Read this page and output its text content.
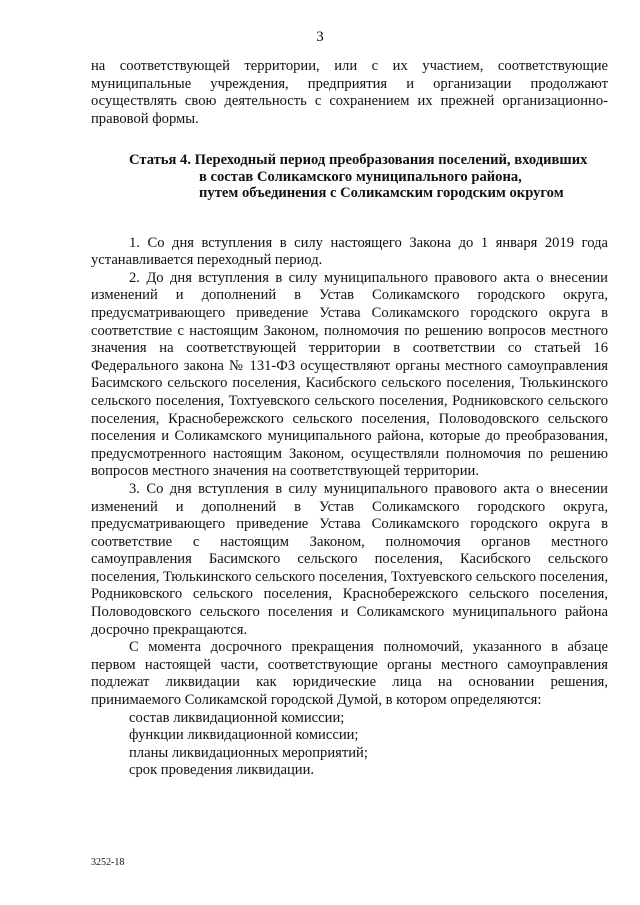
3

на соответствующей территории, или с их участием, соответствующие муниципальные учреждения, предприятия и организации продолжают осуществлять свою деятельность с сохранением их прежней организационно-правовой формы.

Статья 4. Переходный период преобразования поселений, входивших
в состав Соликамского муниципального района,
путем объединения с Соликамским городским округом

1. Со дня вступления в силу настоящего Закона до 1 января 2019 года устанавливается переходный период.

2. До дня вступления в силу муниципального правового акта о внесении изменений и дополнений в Устав Соликамского городского округа, предусматривающего приведение Устава Соликамского городского округа в соответствие с настоящим Законом, полномочия по решению вопросов местного значения на соответствующей территории в соответствии со статьей 16 Федерального закона № 131-ФЗ осуществляют органы местного самоуправления Басимского сельского поселения, Касибского сельского поселения, Тюлькинского сельского поселения, Тохтуевского сельского поселения, Родниковского сельского поселения, Краснобережского сельского поселения, Половодовского сельского поселения и Соликамского муниципального района, которые до преобразования, предусмотренного настоящим Законом, осуществляли полномочия по решению вопросов местного значения на соответствующей территории.

3. Со дня вступления в силу муниципального правового акта о внесении изменений и дополнений в Устав Соликамского городского округа, предусматривающего приведение Устава Соликамского городского округа в соответствие с настоящим Законом, полномочия органов местного самоуправления Басимского сельского поселения, Касибского сельского поселения, Тюлькинского сельского поселения, Тохтуевского сельского поселения, Родниковского сельского поселения, Краснобережского сельского поселения, Половодовского сельского поселения и Соликамского муниципального района досрочно прекращаются.

С момента досрочного прекращения полномочий, указанного в абзаце первом настоящей части, соответствующие органы местного самоуправления подлежат ликвидации как юридические лица на основании решения, принимаемого Соликамской городской Думой, в котором определяются:

состав ликвидационной комиссии;

функции ликвидационной комиссии;

планы ликвидационных мероприятий;

срок проведения ликвидации.

3252-18
